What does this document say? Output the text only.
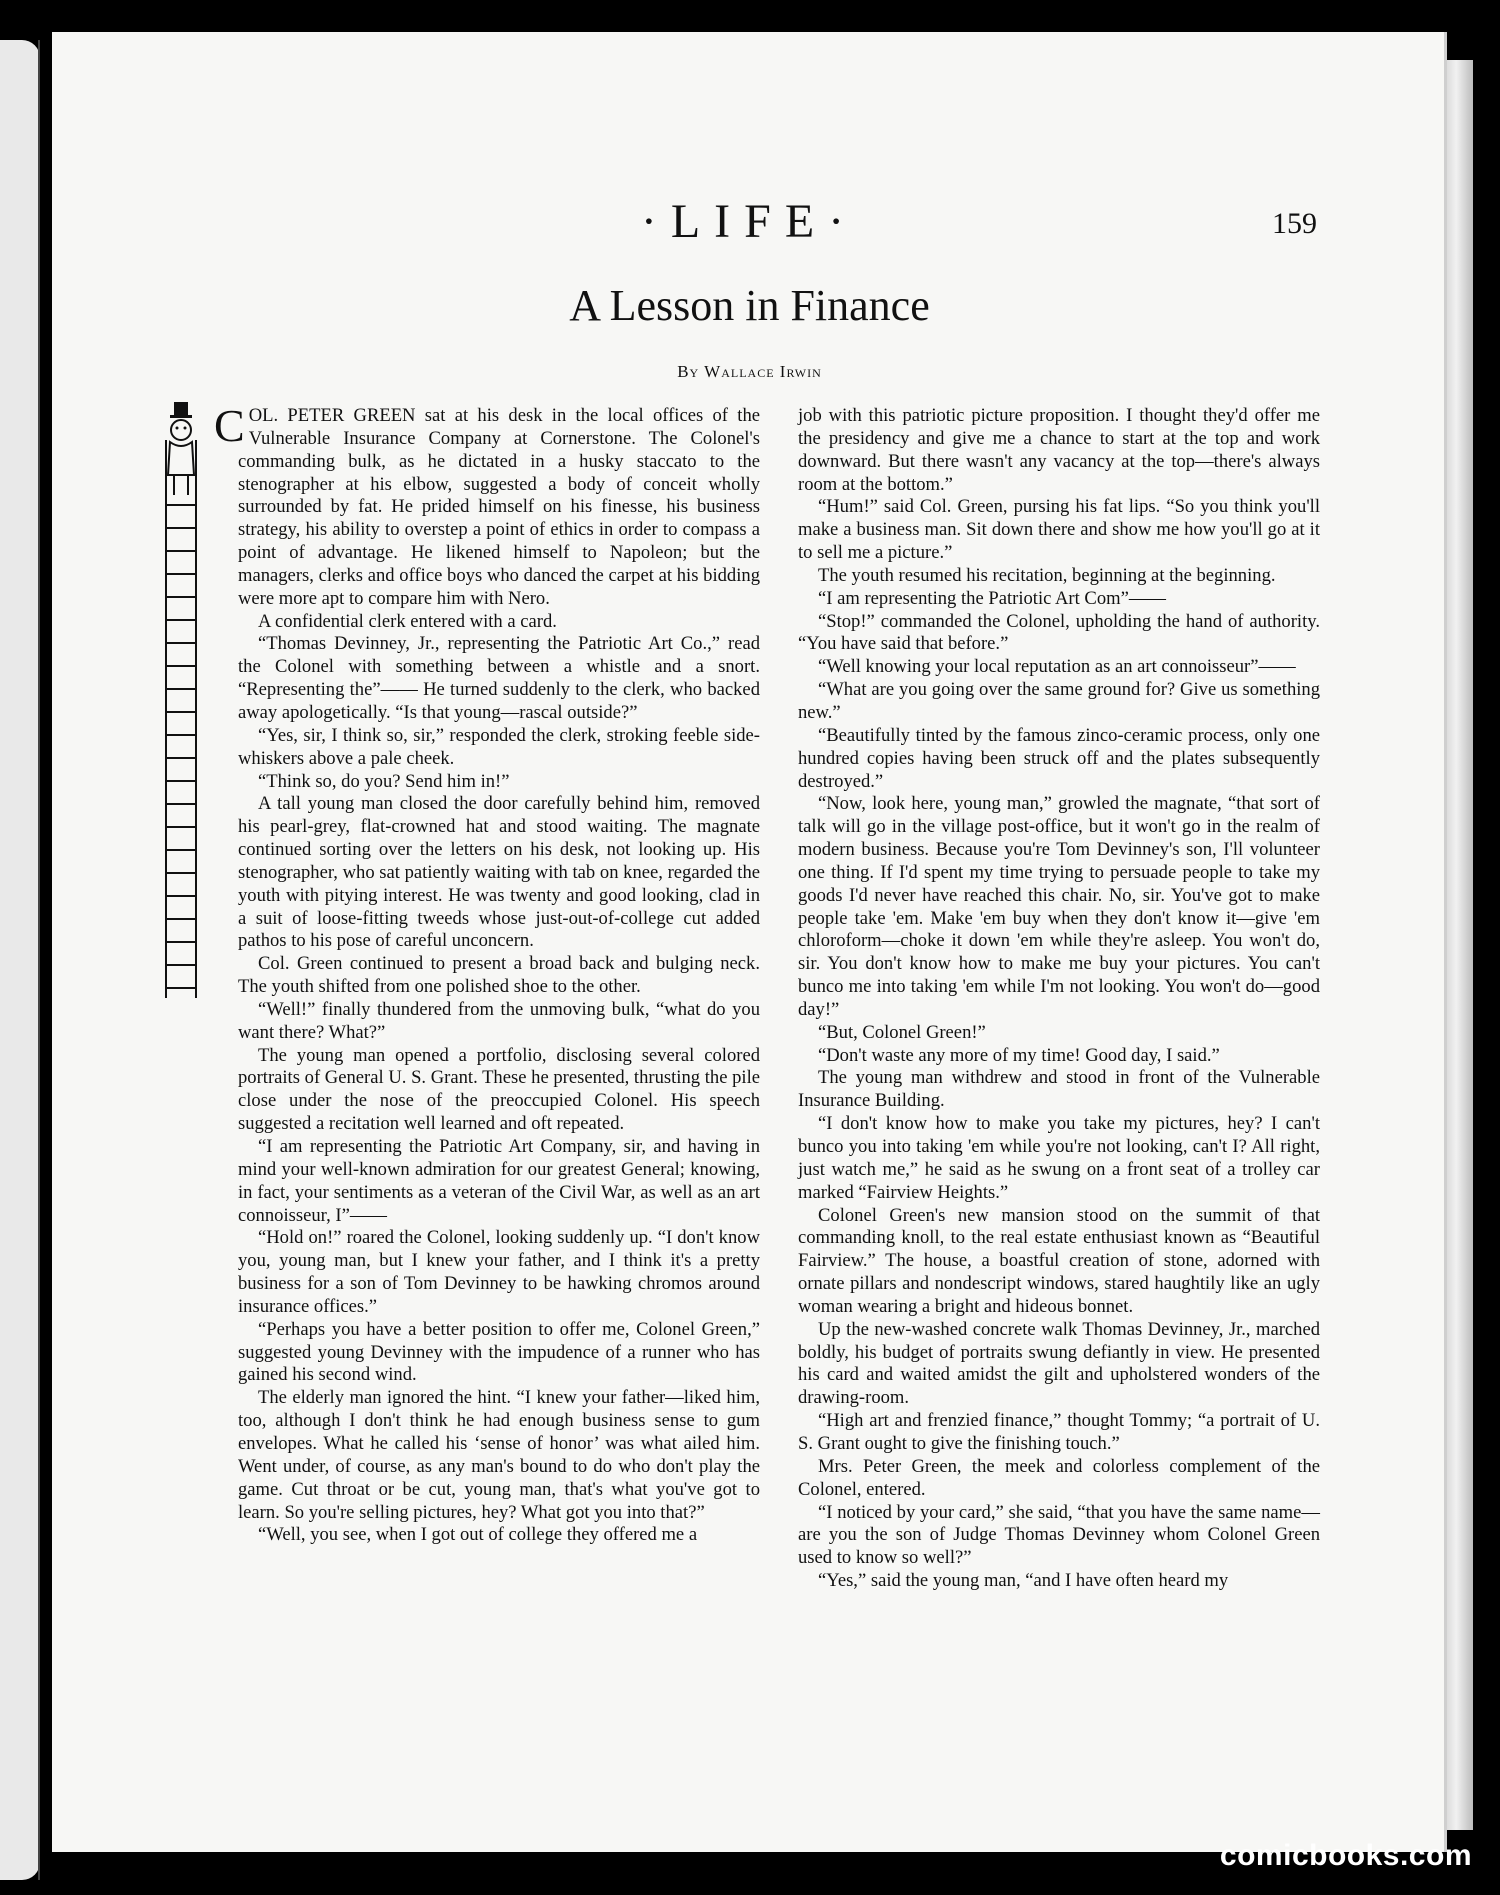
·LIFE·	159
A Lesson in Finance
By Wallace Irwin

COL. PETER GREEN sat at his desk in the local offices of the Vulnerable Insurance Company at Cornerstone. The Colonel's commanding bulk, as he dictated in a husky staccato to the stenographer at his elbow, suggested a body of conceit wholly surrounded by fat. He prided himself on his finesse, his business strategy, his ability to overstep a point of ethics in order to compass a point of advantage. He likened himself to Napoleon; but the managers, clerks and office boys who danced the carpet at his bidding were more apt to compare him with Nero.

A confidential clerk entered with a card.

“Thomas Devinney, Jr., representing the Patriotic Art Co.,” read the Colonel with something between a whistle and a snort. “Representing the”—— He turned suddenly to the clerk, who backed away apologetically. “Is that young—rascal outside?”

“Yes, sir, I think so, sir,” responded the clerk, stroking feeble side-whiskers above a pale cheek.

“Think so, do you? Send him in!”

A tall young man closed the door carefully behind him, removed his pearl-grey, flat-crowned hat and stood waiting. The magnate continued sorting over the letters on his desk, not looking up. His stenographer, who sat patiently waiting with tab on knee, regarded the youth with pitying interest. He was twenty and good looking, clad in a suit of loose-fitting tweeds whose just-out-of-college cut added pathos to his pose of careful unconcern.

Col. Green continued to present a broad back and bulging neck. The youth shifted from one polished shoe to the other.

“Well!” finally thundered from the unmoving bulk, “what do you want there? What?”

The young man opened a portfolio, disclosing several colored portraits of General U. S. Grant. These he presented, thrusting the pile close under the nose of the preoccupied Colonel. His speech suggested a recitation well learned and oft repeated.

“I am representing the Patriotic Art Company, sir, and having in mind your well-known admiration for our greatest General; knowing, in fact, your sentiments as a veteran of the Civil War, as well as an art connoisseur, I”——

“Hold on!” roared the Colonel, looking suddenly up. “I don't know you, young man, but I knew your father, and I think it's a pretty business for a son of Tom Devinney to be hawking chromos around insurance offices.”

“Perhaps you have a better position to offer me, Colonel Green,” suggested young Devinney with the impudence of a runner who has gained his second wind.

The elderly man ignored the hint. “I knew your father—liked him, too, although I don't think he had enough business sense to gum envelopes. What he called his ‘sense of honor’ was what ailed him. Went under, of course, as any man's bound to do who don't play the game. Cut throat or be cut, young man, that's what you've got to learn. So you're selling pictures, hey? What got you into that?”

“Well, you see, when I got out of college they offered me a

job with this patriotic picture proposition. I thought they'd offer me the presidency and give me a chance to start at the top and work downward. But there wasn't any vacancy at the top—there's always room at the bottom.”

“Hum!” said Col. Green, pursing his fat lips. “So you think you'll make a business man. Sit down there and show me how you'll go at it to sell me a picture.”

The youth resumed his recitation, beginning at the beginning.

“I am representing the Patriotic Art Com”——

“Stop!” commanded the Colonel, upholding the hand of authority. “You have said that before.”

“Well knowing your local reputation as an art connoisseur”——

“What are you going over the same ground for? Give us something new.”

“Beautifully tinted by the famous zinco-ceramic process, only one hundred copies having been struck off and the plates subsequently destroyed.”

“Now, look here, young man,” growled the magnate, “that sort of talk will go in the village post-office, but it won't go in the realm of modern business. Because you're Tom Devinney's son, I'll volunteer one thing. If I'd spent my time trying to persuade people to take my goods I'd never have reached this chair. No, sir. You've got to make people take 'em. Make 'em buy when they don't know it—give 'em chloroform—choke it down 'em while they're asleep. You won't do, sir. You don't know how to make me buy your pictures. You can't bunco me into taking 'em while I'm not looking. You won't do—good day!”

“But, Colonel Green!”

“Don't waste any more of my time! Good day, I said.”

The young man withdrew and stood in front of the Vulnerable Insurance Building.

“I don't know how to make you take my pictures, hey? I can't bunco you into taking 'em while you're not looking, can't I? All right, just watch me,” he said as he swung on a front seat of a trolley car marked “Fairview Heights.”

Colonel Green's new mansion stood on the summit of that commanding knoll, to the real estate enthusiast known as “Beautiful Fairview.” The house, a boastful creation of stone, adorned with ornate pillars and nondescript windows, stared haughtily like an ugly woman wearing a bright and hideous bonnet.

Up the new-washed concrete walk Thomas Devinney, Jr., marched boldly, his budget of portraits swung defiantly in view. He presented his card and waited amidst the gilt and upholstered wonders of the drawing-room.

“High art and frenzied finance,” thought Tommy; “a portrait of U. S. Grant ought to give the finishing touch.”

Mrs. Peter Green, the meek and colorless complement of the Colonel, entered.

“I noticed by your card,” she said, “that you have the same name—are you the son of Judge Thomas Devinney whom Colonel Green used to know so well?”

“Yes,” said the young man, “and I have often heard my

comicbooks.com
